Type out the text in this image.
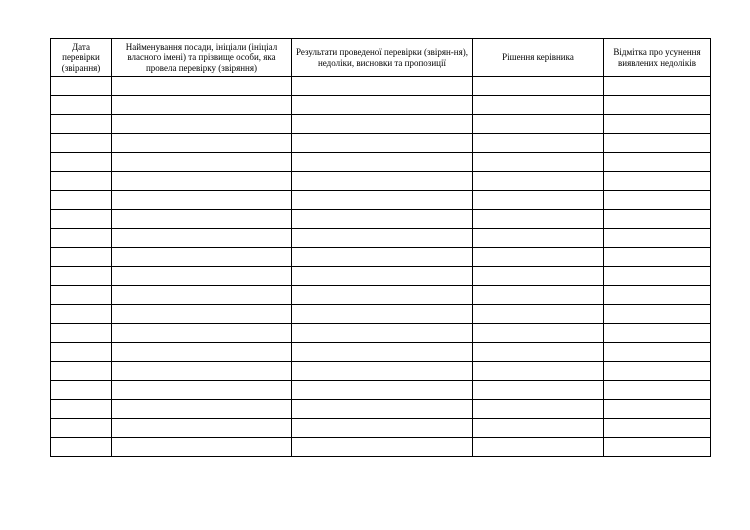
Дата перевірки (звірання)	Найменування посади, ініціали (ініціал власного імені) та прізвище особи, яка провела перевірку (звіряння)	Результати проведеної перевірки (звірян-ня), недоліки, висновки та пропозиції	Рішення керівника	Відмітка про усунення виявлених недоліків
